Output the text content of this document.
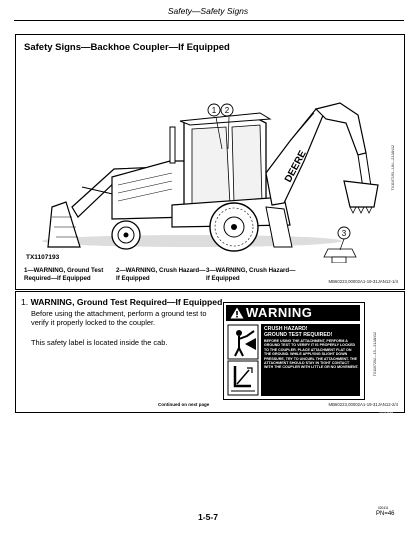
Safety—Safety Signs
Safety Signs—Backhoe Coupler—If Equipped
DEERE
1 2
3
TX1107193
TX1107193—UN—21JAN12
1—WARNING, Ground Test Required—If Equipped
2—WARNING, Crush Hazard—If Equipped
3—WARNING, Crush Hazard—If Equipped	MB60223,00002A1-19-31JAN12-1/4
1. WARNING, Ground Test Required—If Equipped
Before using the attachment, perform a ground test to verify it properly locked to the coupler.
This safety label is located inside the cab.
WARNING
CRUSH HAZARD!
GROUND TEST REQUIRED!
BEFORE USING THE ATTACHMENT, PERFORM A GROUND TEST TO VERIFY IT IS PROPERLY LOCKED TO THE COUPLER. PLACE ATTACHMENT FLAT ON THE GROUND. WHILE APPLYING SLIGHT DOWN PRESSURE, TRY TO UNCURL THE ATTACHMENT. THE ATTACHMENT SHOULD STAY IN TIGHT CONTACT WITH THE COUPLER WITH LITTLE OR NO MOVEMENT.
AH217587
TX1107202—19—31JAN12
Continued on next page	MB60223,00002A1-19-31JAN12-2/4
1-5-7
020411
PN=46
